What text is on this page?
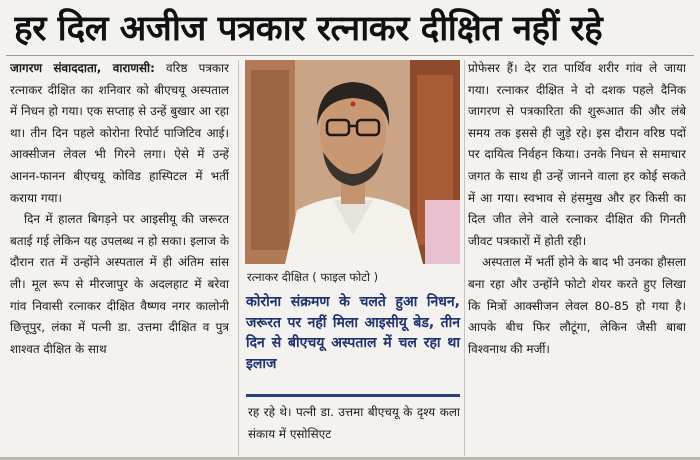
हर दिल अजीज पत्रकार रत्नाकर दीक्षित नहीं रहे

जागरण संवाददाता, वाराणसी: वरिष्ठ पत्रकार रत्नाकर दीक्षित का शनिवार को बीएचयू अस्पताल में निधन हो गया। एक सप्ताह से उन्हें बुखार आ रहा था। तीन दिन पहले कोरोना रिपोर्ट पाजिटिव आई। आक्सीजन लेवल भी गिरने लगा। ऐसे में उन्हें आनन-फानन बीएचयू कोविड हास्पिटल में भर्ती कराया गया।

दिन में हालत बिगड़ने पर आइसीयू की जरूरत बताई गई लेकिन यह उपलब्ध न हो सका। इलाज के दौरान रात में उन्होंने अस्पताल में ही अंतिम सांस ली। मूल रूप से मीरजापुर के अदलहाट में बरेवा गांव निवासी रत्नाकर दीक्षित वैष्णव नगर कालोनी छित्तूपुर, लंका में पत्नी डा. उत्तमा दीक्षित व पुत्र शाश्वत दीक्षित के साथ

रत्नाकर दीक्षित ( फाइल फोटो )
कोरोना संक्रमण के चलते हुआ निधन, जरूरत पर नहीं मिला आइसीयू बेड, तीन दिन से बीएचयू अस्पताल में चल रहा था इलाज

रह रहे थे। पत्नी डा. उत्तमा बीएचयू के दृश्य कला संकाय में एसोसिएट

प्रोफेसर हैं। देर रात पार्थिव शरीर गांव ले जाया गया। रत्नाकर दीक्षित ने दो दशक पहले दैनिक जागरण से पत्रकारिता की शुरूआत की और लंबे समय तक इससे ही जुड़े रहे। इस दौरान वरिष्ठ पदों पर दायित्व निर्वहन किया। उनके निधन से समाचार जगत के साथ ही उन्हें जानने वाला हर कोई सकते में आ गया। स्वभाव से हंसमुख और हर किसी का दिल जीत लेने वाले रत्नाकर दीक्षित की गिनती जीवट पत्रकारों में होती रही।

अस्पताल में भर्ती होने के बाद भी उनका हौसला बना रहा और उन्होंने फोटो शेयर करते हुए लिखा कि मित्रों आक्सीजन लेवल 80-85 हो गया है। आपके बीच फिर लौटूंगा, लेकिन जैसी बाबा विश्वनाथ की मर्जी।
